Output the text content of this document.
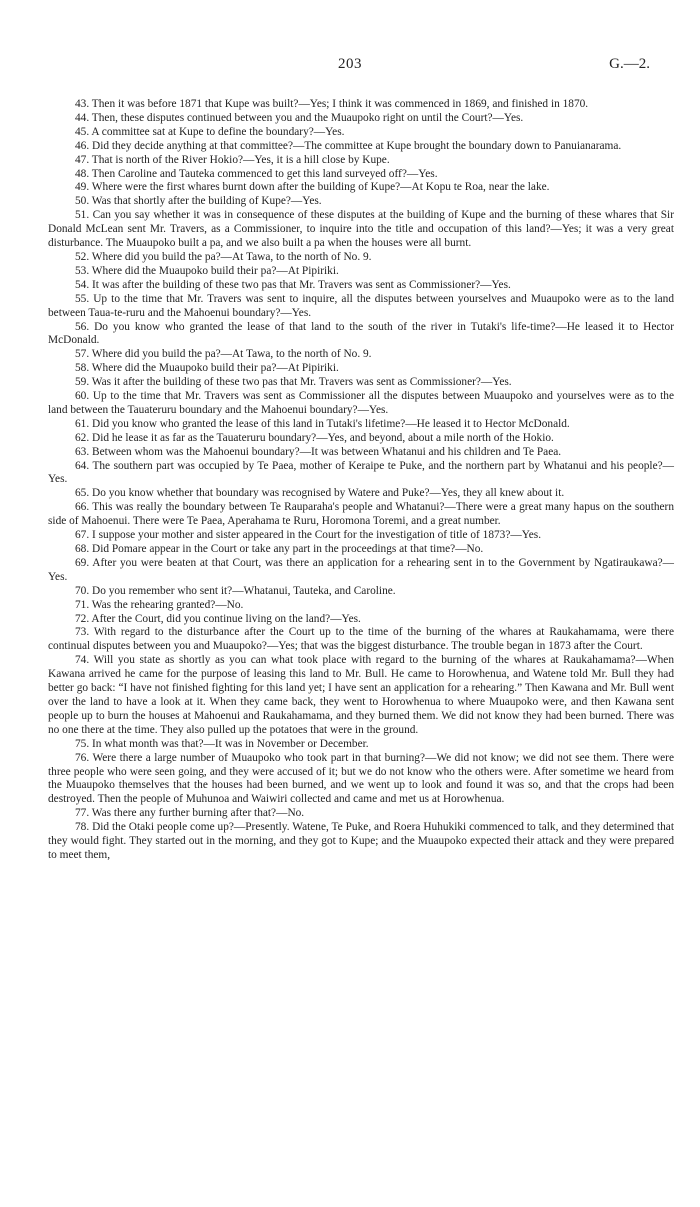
203	G.—2.

43. Then it was before 1871 that Kupe was built?—Yes; I think it was commenced in 1869, and finished in 1870.

44. Then, these disputes continued between you and the Muaupoko right on until the Court?—Yes.

45. A committee sat at Kupe to define the boundary?—Yes.

46. Did they decide anything at that committee?—The committee at Kupe brought the boundary down to Panuianarama.

47. That is north of the River Hokio?—Yes, it is a hill close by Kupe.

48. Then Caroline and Tauteka commenced to get this land surveyed off?—Yes.

49. Where were the first whares burnt down after the building of Kupe?—At Kopu te Roa, near the lake.

50. Was that shortly after the building of Kupe?—Yes.

51. Can you say whether it was in consequence of these disputes at the building of Kupe and the burning of these whares that Sir Donald McLean sent Mr. Travers, as a Commissioner, to inquire into the title and occupation of this land?—Yes; it was a very great disturbance. The Muaupoko built a pa, and we also built a pa when the houses were all burnt.

52. Where did you build the pa?—At Tawa, to the north of No. 9.

53. Where did the Muaupoko build their pa?—At Pipiriki.

54. It was after the building of these two pas that Mr. Travers was sent as Commissioner?—Yes.

55. Up to the time that Mr. Travers was sent to inquire, all the disputes between yourselves and Muaupoko were as to the land between Taua-te-ruru and the Mahoenui boundary?—Yes.

56. Do you know who granted the lease of that land to the south of the river in Tutaki's life-time?—He leased it to Hector McDonald.

57. Where did you build the pa?—At Tawa, to the north of No. 9.

58. Where did the Muaupoko build their pa?—At Pipiriki.

59. Was it after the building of these two pas that Mr. Travers was sent as Commissioner?—Yes.

60. Up to the time that Mr. Travers was sent as Commissioner all the disputes between Muaupoko and yourselves were as to the land between the Tauateruru boundary and the Mahoenui boundary?—Yes.

61. Did you know who granted the lease of this land in Tutaki's lifetime?—He leased it to Hector McDonald.

62. Did he lease it as far as the Tauateruru boundary?—Yes, and beyond, about a mile north of the Hokio.

63. Between whom was the Mahoenui boundary?—It was between Whatanui and his children and Te Paea.

64. The southern part was occupied by Te Paea, mother of Keraipe te Puke, and the northern part by Whatanui and his people?—Yes.

65. Do you know whether that boundary was recognised by Watere and Puke?—Yes, they all knew about it.

66. This was really the boundary between Te Rauparaha's people and Whatanui?—There were a great many hapus on the southern side of Mahoenui. There were Te Paea, Aperahama te Ruru, Horomona Toremi, and a great number.

67. I suppose your mother and sister appeared in the Court for the investigation of title of 1873?—Yes.

68. Did Pomare appear in the Court or take any part in the proceedings at that time?—No.

69. After you were beaten at that Court, was there an application for a rehearing sent in to the Government by Ngatiraukawa?—Yes.

70. Do you remember who sent it?—Whatanui, Tauteka, and Caroline.

71. Was the rehearing granted?—No.

72. After the Court, did you continue living on the land?—Yes.

73. With regard to the disturbance after the Court up to the time of the burning of the whares at Raukahamama, were there continual disputes between you and Muaupoko?—Yes; that was the biggest disturbance. The trouble began in 1873 after the Court.

74. Will you state as shortly as you can what took place with regard to the burning of the whares at Raukahamama?—When Kawana arrived he came for the purpose of leasing this land to Mr. Bull. He came to Horowhenua, and Watene told Mr. Bull they had better go back: “I have not finished fighting for this land yet; I have sent an application for a rehearing.” Then Kawana and Mr. Bull went over the land to have a look at it. When they came back, they went to Horowhenua to where Muaupoko were, and then Kawana sent people up to burn the houses at Mahoenui and Raukahamama, and they burned them. We did not know they had been burned. There was no one there at the time. They also pulled up the potatoes that were in the ground.

75. In what month was that?—It was in November or December.

76. Were there a large number of Muaupoko who took part in that burning?—We did not know; we did not see them. There were three people who were seen going, and they were accused of it; but we do not know who the others were. After sometime we heard from the Muaupoko themselves that the houses had been burned, and we went up to look and found it was so, and that the crops had been destroyed. Then the people of Muhunoa and Waiwiri collected and came and met us at Horowhenua.

77. Was there any further burning after that?—No.

78. Did the Otaki people come up?—Presently. Watene, Te Puke, and Roera Huhukiki commenced to talk, and they determined that they would fight. They started out in the morning, and they got to Kupe; and the Muaupoko expected their attack and they were prepared to meet them,
